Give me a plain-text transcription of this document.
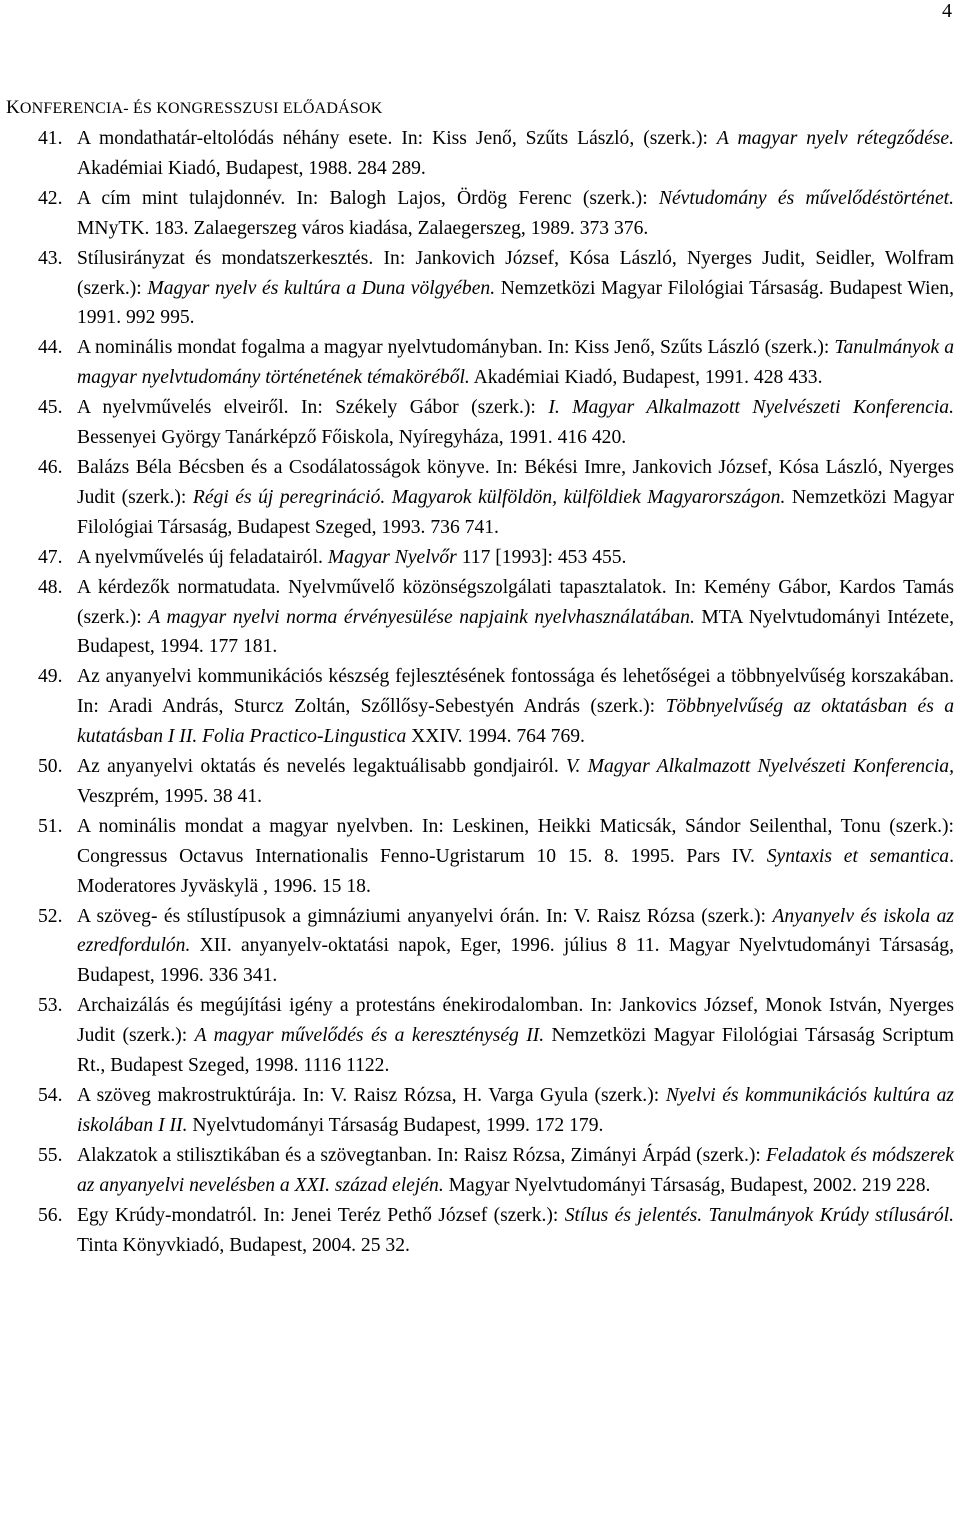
4
KONFERENCIA- ÉS KONGRESSZUSI ELŐADÁSOK
41. A mondathatár-eltolódás néhány esete. In: Kiss Jenő, Szűts László, (szerk.): A magyar nyelv rétegződése. Akadémiai Kiadó, Budapest, 1988. 284 289.
42. A cím mint tulajdonnév. In: Balogh Lajos, Ördög Ferenc (szerk.): Névtudomány és művelődéstörténet. MNyTK. 183. Zalaegerszeg város kiadása, Zalaegerszeg, 1989. 373 376.
43. Stílusirányzat és mondatszerkesztés. In: Jankovich József, Kósa László, Nyerges Judit, Seidler, Wolfram (szerk.): Magyar nyelv és kultúra a Duna völgyében. Nemzetközi Magyar Filológiai Társaság. Budapest Wien, 1991. 992 995.
44. A nominális mondat fogalma a magyar nyelvtudományban. In: Kiss Jenő, Szűts László (szerk.): Tanulmányok a magyar nyelvtudomány történetének témaköréből. Akadémiai Kiadó, Budapest, 1991. 428 433.
45. A nyelvművelés elveiről. In: Székely Gábor (szerk.): I. Magyar Alkalmazott Nyelvészeti Konferencia. Bessenyei György Tanárképző Főiskola, Nyíregyháza, 1991. 416 420.
46. Balázs Béla Bécsben és a Csodálatosságok könyve. In: Békési Imre, Jankovich József, Kósa László, Nyerges Judit (szerk.): Régi és új peregrináció. Magyarok külföldön, külföldiek Magyarországon. Nemzetközi Magyar Filológiai Társaság, Budapest Szeged, 1993. 736 741.
47. A nyelvművelés új feladatairól. Magyar Nyelvőr 117 [1993]: 453 455.
48. A kérdezők normatudata. Nyelvművelő közönségszolgálati tapasztalatok. In: Kemény Gábor, Kardos Tamás (szerk.): A magyar nyelvi norma érvényesülése napjaink nyelvhasználatában. MTA Nyelvtudományi Intézete, Budapest, 1994. 177 181.
49. Az anyanyelvi kommunikációs készség fejlesztésének fontossága és lehetőségei a többnyelvűség korszakában. In: Aradi András, Sturcz Zoltán, Szőllősy-Sebestyén András (szerk.): Többnyelvűség az oktatásban és a kutatásban I II. Folia Practico-Lingustica XXIV. 1994. 764 769.
50. Az anyanyelvi oktatás és nevelés legaktuálisabb gondjairól. V. Magyar Alkalmazott Nyelvészeti Konferencia, Veszprém, 1995. 38 41.
51. A nominális mondat a magyar nyelvben. In: Leskinen, Heikki Maticsák, Sándor Seilenthal, Tonu (szerk.): Congressus Octavus Internationalis Fenno-Ugristarum 10 15. 8. 1995. Pars IV. Syntaxis et semantica. Moderatores Jyväskylä , 1996. 15 18.
52. A szöveg- és stílustípusok a gimnáziumi anyanyelvi órán. In: V. Raisz Rózsa (szerk.): Anyanyelv és iskola az ezredfordulón. XII. anyanyelv-oktatási napok, Eger, 1996. július 8 11. Magyar Nyelvtudományi Társaság, Budapest, 1996. 336 341.
53. Archaizálás és megújítási igény a protestáns énekirodalomban. In: Jankovics József, Monok István, Nyerges Judit (szerk.): A magyar művelődés és a kereszténység II. Nemzetközi Magyar Filológiai Társaság Scriptum Rt., Budapest Szeged, 1998. 1116 1122.
54. A szöveg makrostruktúrája. In: V. Raisz Rózsa, H. Varga Gyula (szerk.): Nyelvi és kommunikációs kultúra az iskolában I II. Nyelvtudományi Társaság Budapest, 1999. 172 179.
55. Alakzatok a stilisztikában és a szövegtanban. In: Raisz Rózsa, Zimányi Árpád (szerk.): Feladatok és módszerek az anyanyelvi nevelésben a XXI. század elején. Magyar Nyelvtudományi Társaság, Budapest, 2002. 219 228.
56. Egy Krúdy-mondatról. In: Jenei Teréz Pethő József (szerk.): Stílus és jelentés. Tanulmányok Krúdy stílusáról. Tinta Könyvkiadó, Budapest, 2004. 25 32.
